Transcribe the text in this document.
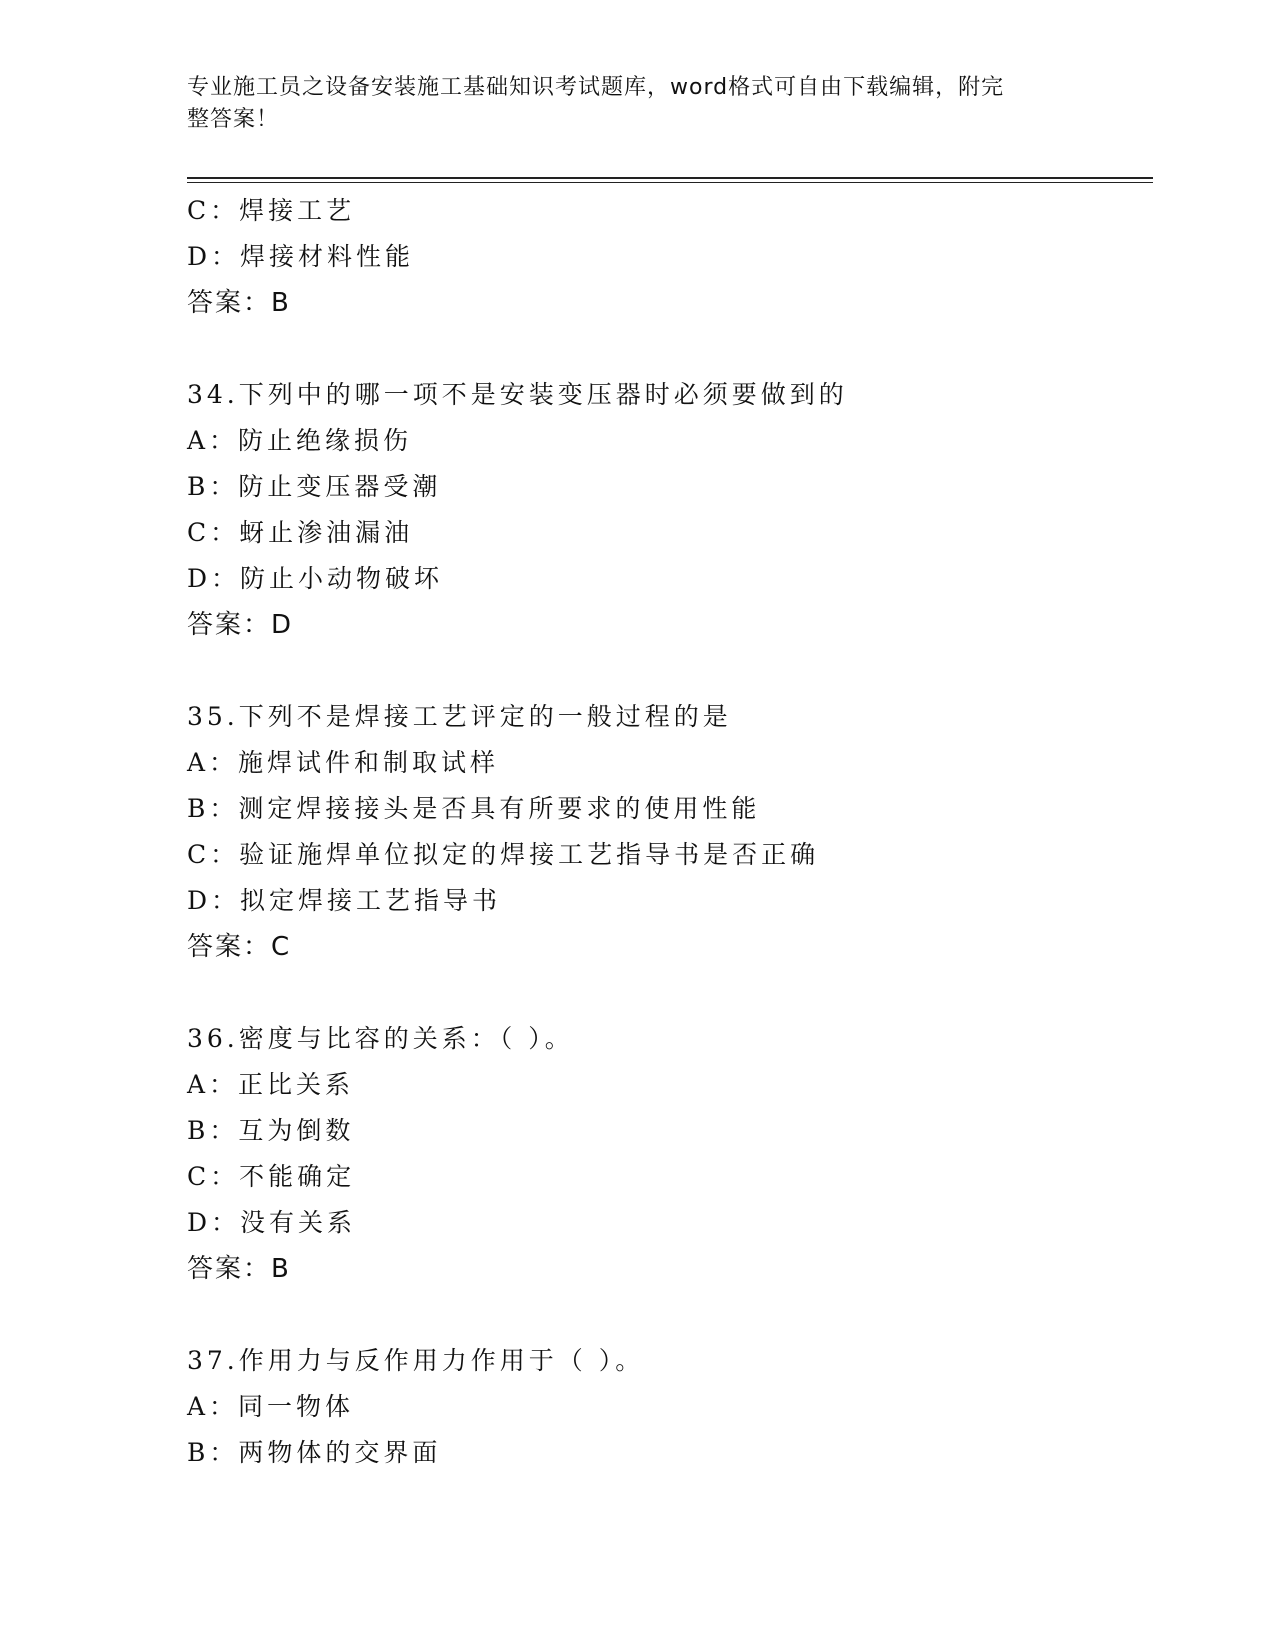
专业施工员之设备安装施工基础知识考试题库，word格式可自由下载编辑，附完
整答案！
C：焊接工艺
D：焊接材料性能
答案：B
34.下列中的哪一项不是安装变压器时必须要做到的
A：防止绝缘损伤
B：防止变压器受潮
C：蚜止渗油漏油
D：防止小动物破坏
答案：D
35.下列不是焊接工艺评定的一般过程的是
A：施焊试件和制取试样
B：测定焊接接头是否具有所要求的使用性能
C：验证施焊单位拟定的焊接工艺指导书是否正确
D：拟定焊接工艺指导书
答案：C
36.密度与比容的关系：（ ）。
A：正比关系
B：互为倒数
C：不能确定
D：没有关系
答案：B
37.作用力与反作用力作用于（ ）。
A：同一物体
B：两物体的交界面
